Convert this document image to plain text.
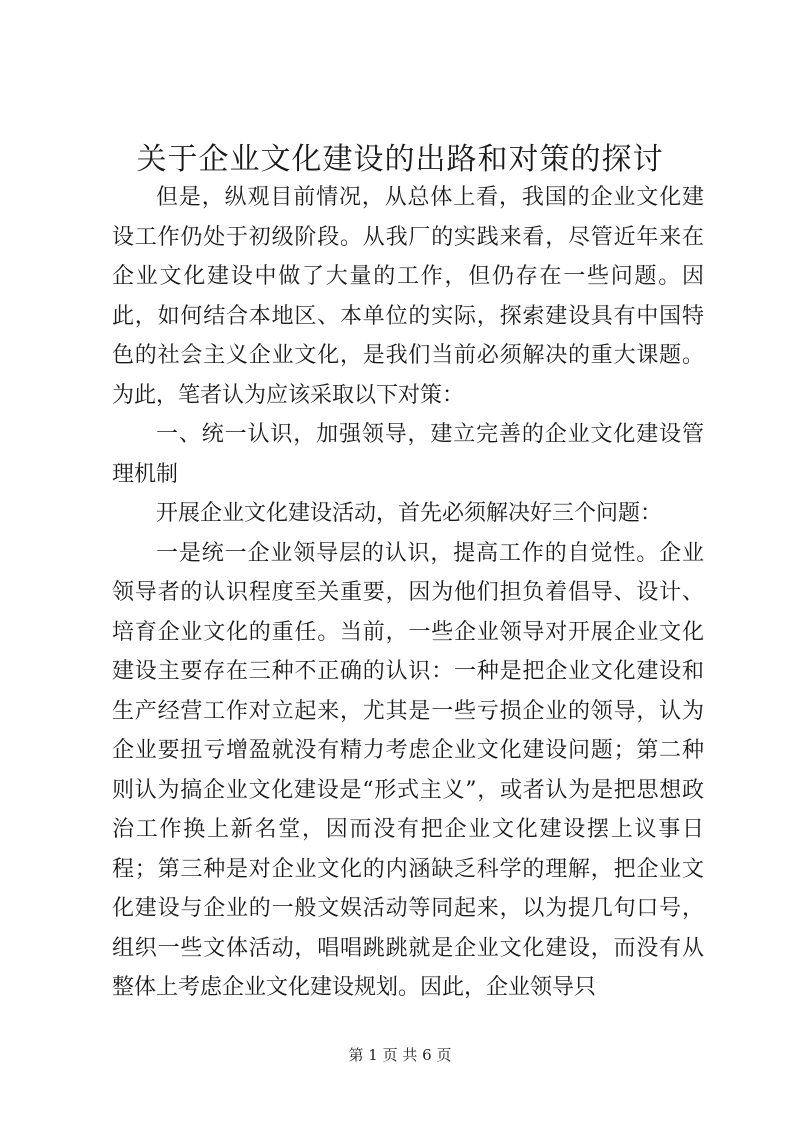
关于企业文化建设的出路和对策的探讨

但是，纵观目前情况，从总体上看，我国的企业文化建设工作仍处于初级阶段。从我厂的实践来看，尽管近年来在企业文化建设中做了大量的工作，但仍存在一些问题。因此，如何结合本地区、本单位的实际，探索建设具有中国特色的社会主义企业文化，是我们当前必须解决的重大课题。为此，笔者认为应该采取以下对策：

一、统一认识，加强领导，建立完善的企业文化建设管理机制

开展企业文化建设活动，首先必须解决好三个问题：

一是统一企业领导层的认识，提高工作的自觉性。企业领导者的认识程度至关重要，因为他们担负着倡导、设计、培育企业文化的重任。当前，一些企业领导对开展企业文化建设主要存在三种不正确的认识：一种是把企业文化建设和生产经营工作对立起来，尤其是一些亏损企业的领导，认为企业要扭亏增盈就没有精力考虑企业文化建设问题；第二种则认为搞企业文化建设是“形式主义”，或者认为是把思想政治工作换上新名堂，因而没有把企业文化建设摆上议事日程；第三种是对企业文化的内涵缺乏科学的理解，把企业文化建设与企业的一般文娱活动等同起来，以为提几句口号，组织一些文体活动，唱唱跳跳就是企业文化建设，而没有从整体上考虑企业文化建设规划。因此，企业领导只

第 1 页 共 6 页
